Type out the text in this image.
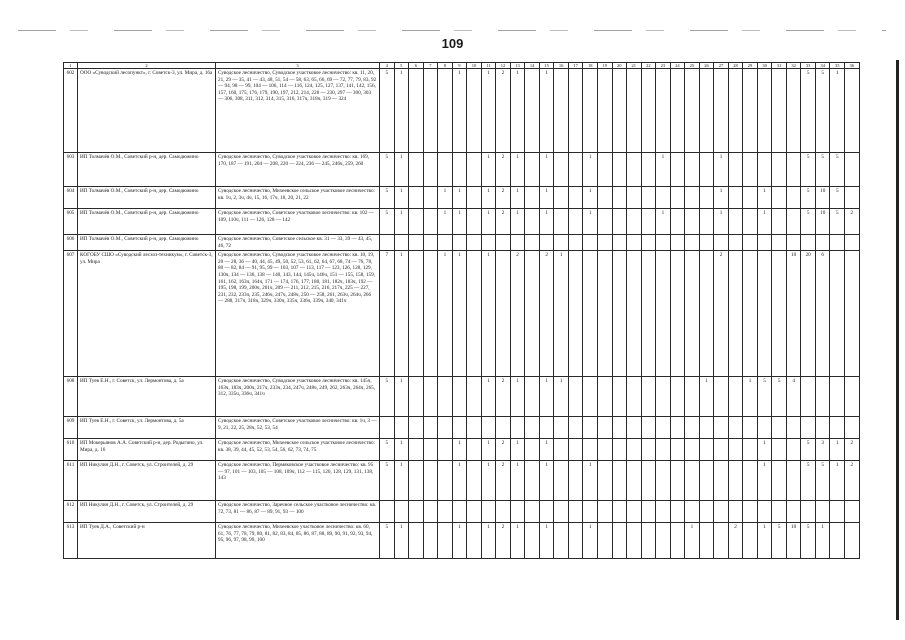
109
1	2	3	4	5	6	7	8	9	10	11	12	13	14	15	16	17	18	19	20	21	22	23	24	25	26	27	28	29	30	31	32	33	34	35	36
602	ООО «Суводский лесопункт», г. Советск-3, ул. Мира, д. 16а	Суводское лесничество, Суводское участковое лесничество: кв. 11, 20, 21, 29 — 35, 41 — 43, 48, 51, 54 — 58, 63, 65, 66, 69 — 72, 77, 79, 83, 92 — 94, 98 — 99, 104 — 106, 114 — 116, 124, 125, 127, 137, 141, 142, 156, 157, 160, 175, 176, 179, 190, 197, 212, 214, 228 — 230, 297 — 300, 303 — 306, 308, 311, 312, 314, 315, 316, 317ч, 318ч, 319 — 324	5	1				1		1	2	1		1																		5	5	1	
603	ИП Толмачёв О.М., Советский р-н, дер. Самодюжино	Суводское лесничество, Суводское участковое лесничество: кв. 169, 170, 187 — 191, 204 — 208, 220 — 224, 236 — 245, 246ч, 259, 260	5	1						1	2	1		1			1					1				1						5	5	5	
604	ИП Толмачёв О.М., Советский р-н, дер. Самодюжино	Суводское лесничество, Михеевское сельское участковое лесничество: кв. 1ч, 2, 3ч, 4ч, 15, 16, 17ч, 18, 20, 21, 22	5	1			1	1		1	2	1		1			1									1			1			5	10	5	
605	ИП Толмачёв О.М., Советский р-н, дер. Самодюжино	Суводское лесничество, Советское участковое лесничество: кв. 102 — 109, 110ч, 111 — 126, 128 — 142	5	1			1	1		1	2	1		1			1					1				1			1			5	10	5	2
606	ИП Толмачёв О.М., Советский р-н, дер. Самодюжино	Суводское лесничество, Советское сельское кв. 31 — 33, 39 — 43, 45, 46, 72																																	
607	КОГОБУ СШО «Суводский лесхоз-техникум», г. Советск-3, ул. Мира	Суводское лесничество, Суводское участковое лесничество: кв. 10, 19, 20 — 28, 36 — 40, 44, 45, 49, 50, 52, 53, 61, 62, 64, 67, 68, 74 — 76, 78, 80 — 82, 84 — 91, 95, 99 — 103, 107 — 113, 117 — 123, 126, 128, 129, 130ч, 134 — 136, 138 — 140, 143, 144, 145ч, 146ч, 151 — 155, 158, 159, 161, 162, 163ч, 164ч, 171 — 174, 176, 177, 180, 181, 182ч, 183ч, 192 — 195, 198, 199, 200ч, 201ч, 209 — 211, 212, 215, 216, 217ч, 225 — 227, 231, 232, 233ч, 235, 246ч, 247ч, 248ч, 250 — 258, 261, 263ч, 264ч, 266 — 288, 317ч, 318ч, 329ч, 330ч, 335ч, 336ч, 339ч, 340, 341ч	7	1			1	1		1		2		2	1											2					10	20	6		
608	ИП Туев Е.Н., г. Советск, ул. Лермонтова, д. 5а	Суводское лесничество, Суводское участковое лесничество: кв. 145ч, 163ч, 183ч, 200ч, 217ч, 233ч, 234, 247ч, 248ч, 249, 262, 263ч, 264ч, 265, 312, 335ч, 336ч, 341ч	5	1						1	2	1		1	1										1			1	5	5	4				
609	ИП Туев Е.Н., г. Советск, ул. Лермонтова, д. 5а	Суводское лесничество, Советское участковое лесничество: кв. 1ч, 3 — 9, 21, 22, 25, 28ч, 52, 53, 54																																	
610	ИП Мокерьянов А.А. Советский р-н, дер. Родыгино, ул. Мира, д. 16	Суводское лесничество, Михеевское сельское участковое лесничество: кв. 38, 39, 44, 45, 52, 53, 54, 56, 62, 73, 74, 75	5	1				1		1	2	1		1															1			5	3	1	2
611	ИП Никулин Д.Н., г. Советск, ул. Строителей, д. 29	Суводское лесничество, Пермяковское участковое лесничество: кв. 95 — 97, 101 — 103, 105 — 108, 109ч, 112 — 115, 120, 128, 129, 131, 138, 143	5	1				1		1	2	1		1			1												1			5	5	1	2
612	ИП Никулин Д.Н., г. Советск, ул. Строителей, д. 29	Суводское лесничество, Заречное сельское участковое лесничество: кв. 72, 73, 81 — 86, 87 — 89, 91, 93 — 100																																	
613	ИП Туев Д.А., Советский р-н	Суводское лесничество, Михеевское участковое лесничество: кв. 60, 61, 76, 77, 78, 79, 80, 81, 82, 83, 84, 85, 86, 87, 88, 89, 90, 91, 92, 93, 94, 95, 96, 97, 98, 99, 100	5	1				1		1	2	1		1			1							1			2		1	5	10	5	1		
